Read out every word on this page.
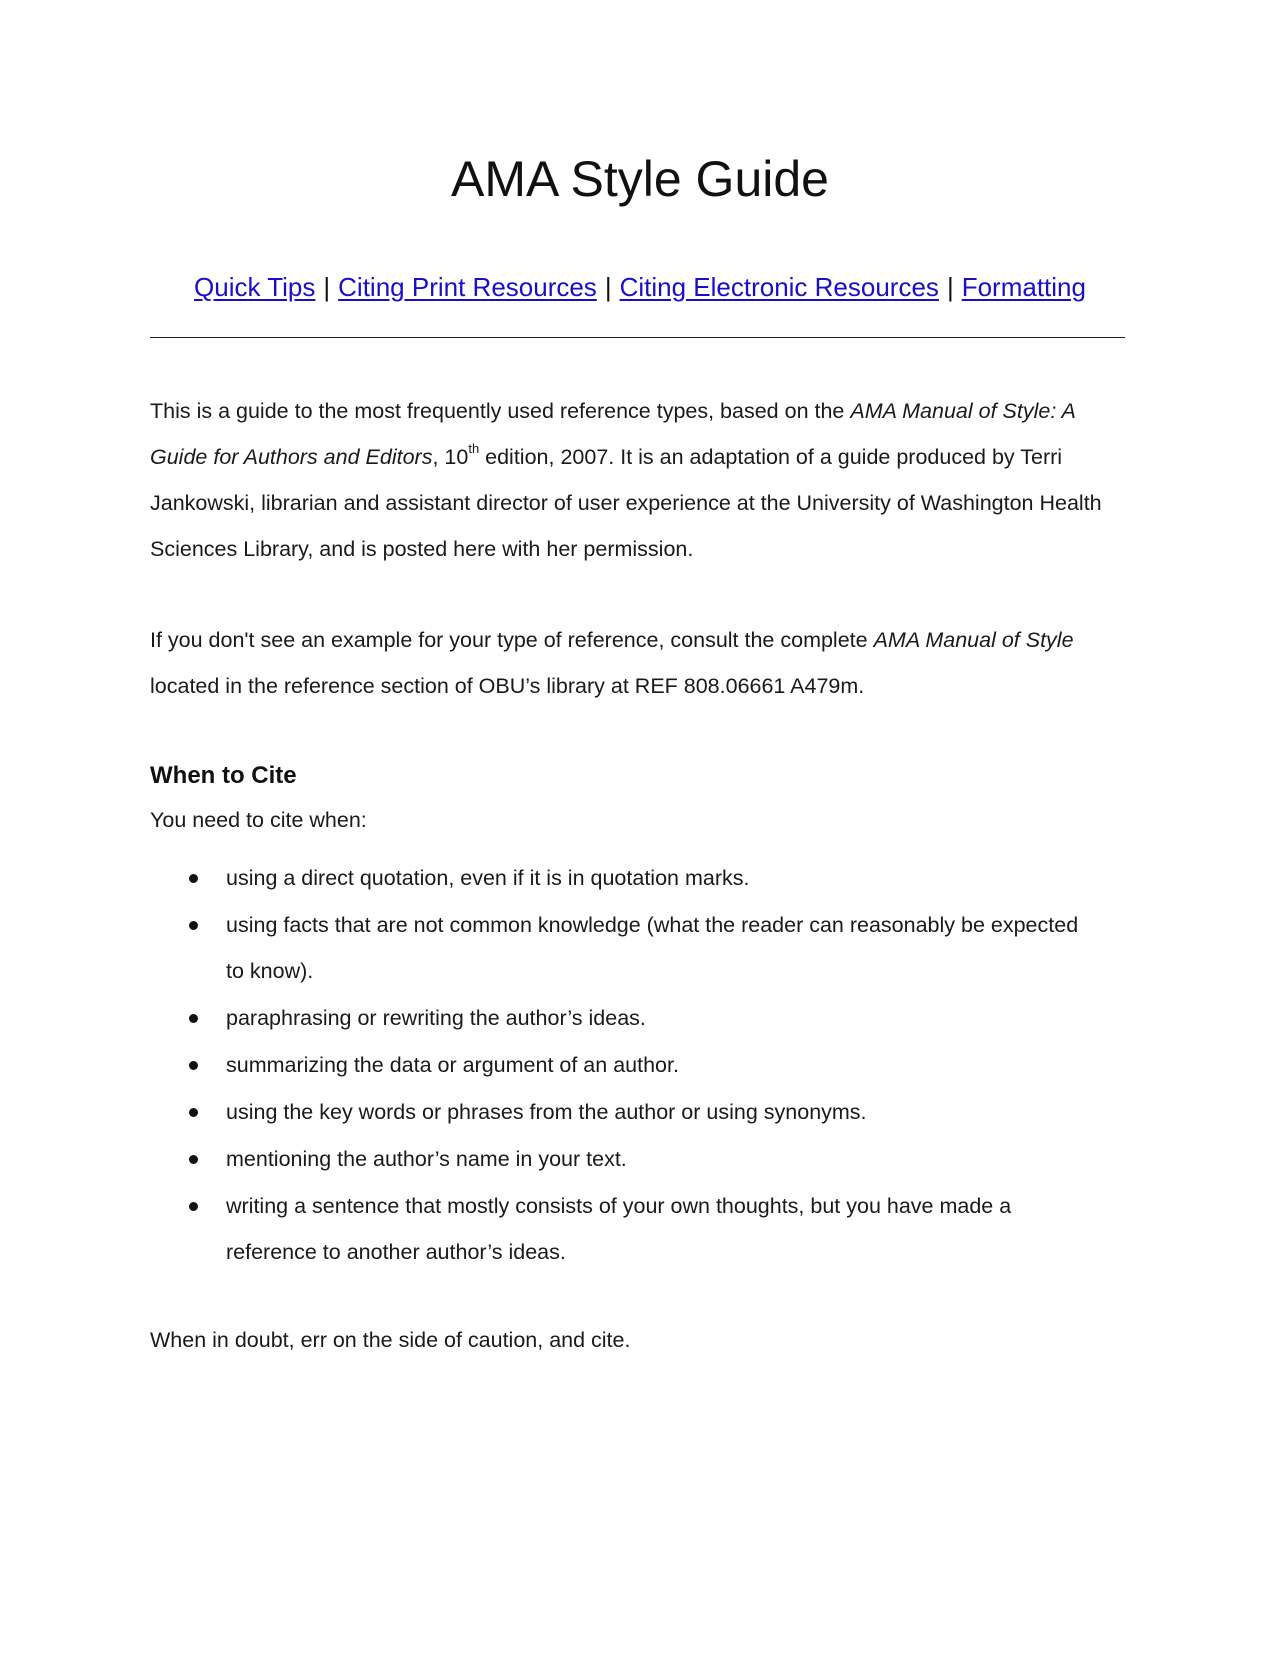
AMA Style Guide
Quick Tips | Citing Print Resources | Citing Electronic Resources | Formatting

This is a guide to the most frequently used reference types, based on the AMA Manual of Style: A Guide for Authors and Editors, 10th edition, 2007. It is an adaptation of a guide produced by Terri Jankowski, librarian and assistant director of user experience at the University of Washington Health Sciences Library, and is posted here with her permission.

If you don't see an example for your type of reference, consult the complete AMA Manual of Style located in the reference section of OBU’s library at REF 808.06661 A479m.

When to Cite

You need to cite when:

using a direct quotation, even if it is in quotation marks.
using facts that are not common knowledge (what the reader can reasonably be expected to know).
paraphrasing or rewriting the author’s ideas.
summarizing the data or argument of an author.
using the key words or phrases from the author or using synonyms.
mentioning the author’s name in your text.
writing a sentence that mostly consists of your own thoughts, but you have made a reference to another author’s ideas.

When in doubt, err on the side of caution, and cite.
